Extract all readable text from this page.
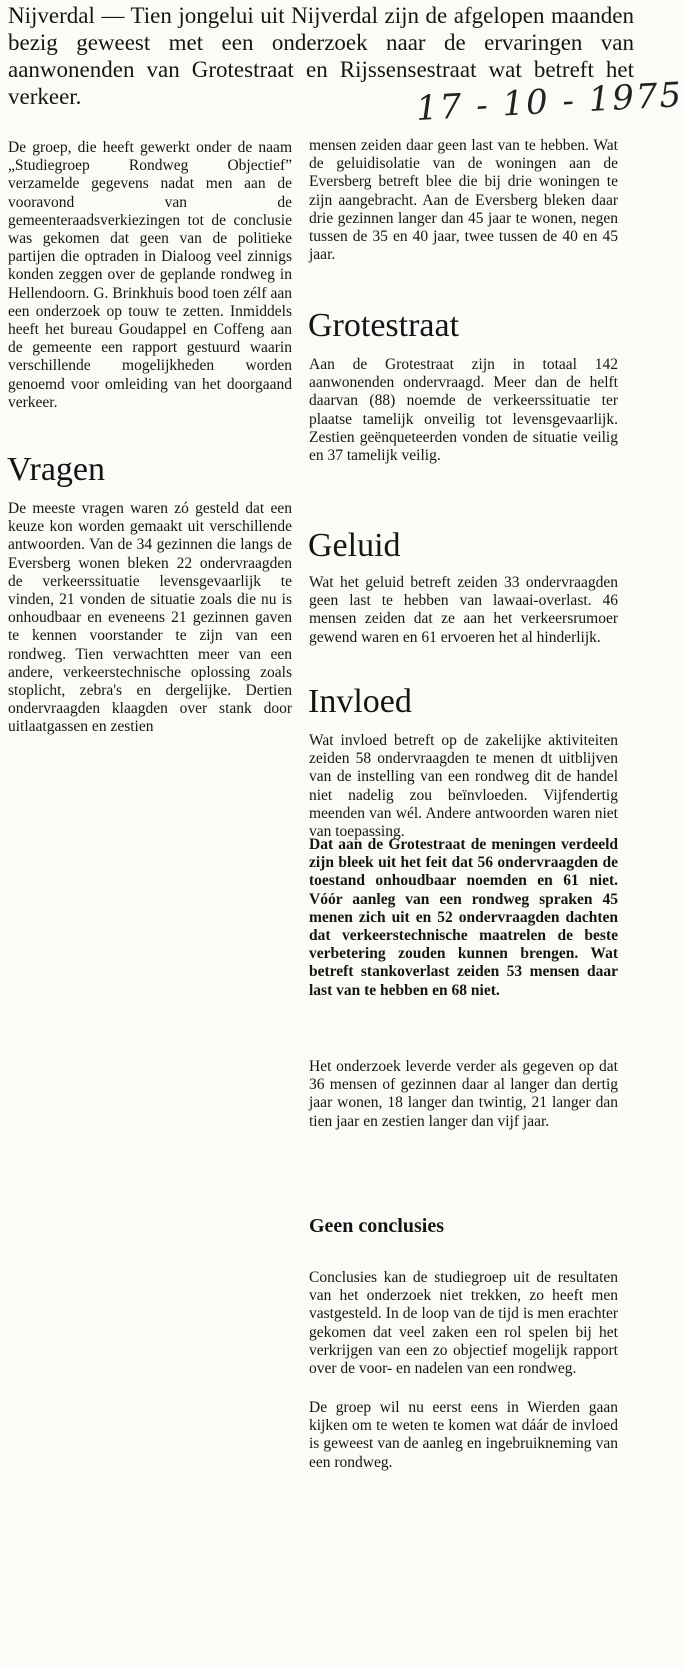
Nijverdal — Tien jongelui uit Nijverdal zijn de afgelopen maanden bezig geweest met een onderzoek naar de ervaringen van aanwonenden van Grotestraat en Rijssensestraat wat betreft het verkeer.	17 - 10 - 1975

De groep, die heeft gewerkt onder de naam „Studiegroep Rondweg Objectief” verzamelde gegevens nadat men aan de vooravond van de gemeenteraadsverkiezingen tot de conclusie was gekomen dat geen van de politieke partijen die optraden in Dialoog veel zinnigs konden zeggen over de geplande rondweg in Hellendoorn. G. Brinkhuis bood toen zélf aan een onderzoek op touw te zetten. Inmiddels heeft het bureau Goudappel en Coffeng aan de gemeente een rapport gestuurd waarin verschillende mogelijkheden worden genoemd voor omleiding van het doorgaand verkeer.

Vragen

De meeste vragen waren zó gesteld dat een keuze kon worden gemaakt uit verschillende antwoorden. Van de 34 gezinnen die langs de Eversberg wonen bleken 22 ondervraagden de verkeerssituatie levensgevaarlijk te vinden, 21 vonden de situatie zoals die nu is onhoudbaar en eveneens 21 gezinnen gaven te kennen voorstander te zijn van een rondweg. Tien verwachtten meer van een andere, verkeerstechnische oplossing zoals stoplicht, zebra's en dergelijke. Dertien ondervraagden klaagden over stank door uitlaatgassen en zestien

mensen zeiden daar geen last van te hebben. Wat de geluidisolatie van de woningen aan de Eversberg betreft blee die bij drie woningen te zijn aangebracht. Aan de Eversberg bleken daar drie gezinnen langer dan 45 jaar te wonen, negen tussen de 35 en 40 jaar, twee tussen de 40 en 45 jaar.

Grotestraat

Aan de Grotestraat zijn in totaal 142 aanwonenden ondervraagd. Meer dan de helft daarvan (88) noemde de verkeerssituatie ter plaatse tamelijk onveilig tot levensgevaarlijk. Zestien geënqueteerden vonden de situatie veilig en 37 tamelijk veilig.

Geluid

Wat het geluid betreft zeiden 33 ondervraagden geen last te hebben van lawaai-overlast. 46 mensen zeiden dat ze aan het verkeersrumoer gewend waren en 61 ervoeren het al hinderlijk.

Invloed

Wat invloed betreft op de zakelijke aktiviteiten zeiden 58 ondervraagden te menen dt uitblijven van de instelling van een rondweg dit de handel niet nadelig zou beïnvloeden. Vijfendertig meenden van wél. Andere antwoorden waren niet van toepassing.

Dat aan de Grotestraat de meningen verdeeld zijn bleek uit het feit dat 56 ondervraagden de toestand onhoudbaar noemden en 61 niet. Vóór aanleg van een rondweg spraken 45 menen zich uit en 52 ondervraagden dachten dat verkeerstechnische maatrelen de beste verbetering zouden kunnen brengen. Wat betreft stankoverlast zeiden 53 mensen daar last van te hebben en 68 niet.

Het onderzoek leverde verder als gegeven op dat 36 mensen of gezinnen daar al langer dan dertig jaar wonen, 18 langer dan twintig, 21 langer dan tien jaar en zestien langer dan vijf jaar.

Geen conclusies

Conclusies kan de studiegroep uit de resultaten van het onderzoek niet trekken, zo heeft men vastgesteld. In de loop van de tijd is men erachter gekomen dat veel zaken een rol spelen bij het verkrijgen van een zo objectief mogelijk rapport over de voor- en nadelen van een rondweg.

De groep wil nu eerst eens in Wierden gaan kijken om te weten te komen wat dáár de invloed is geweest van de aanleg en ingebruikneming van een rondweg.
